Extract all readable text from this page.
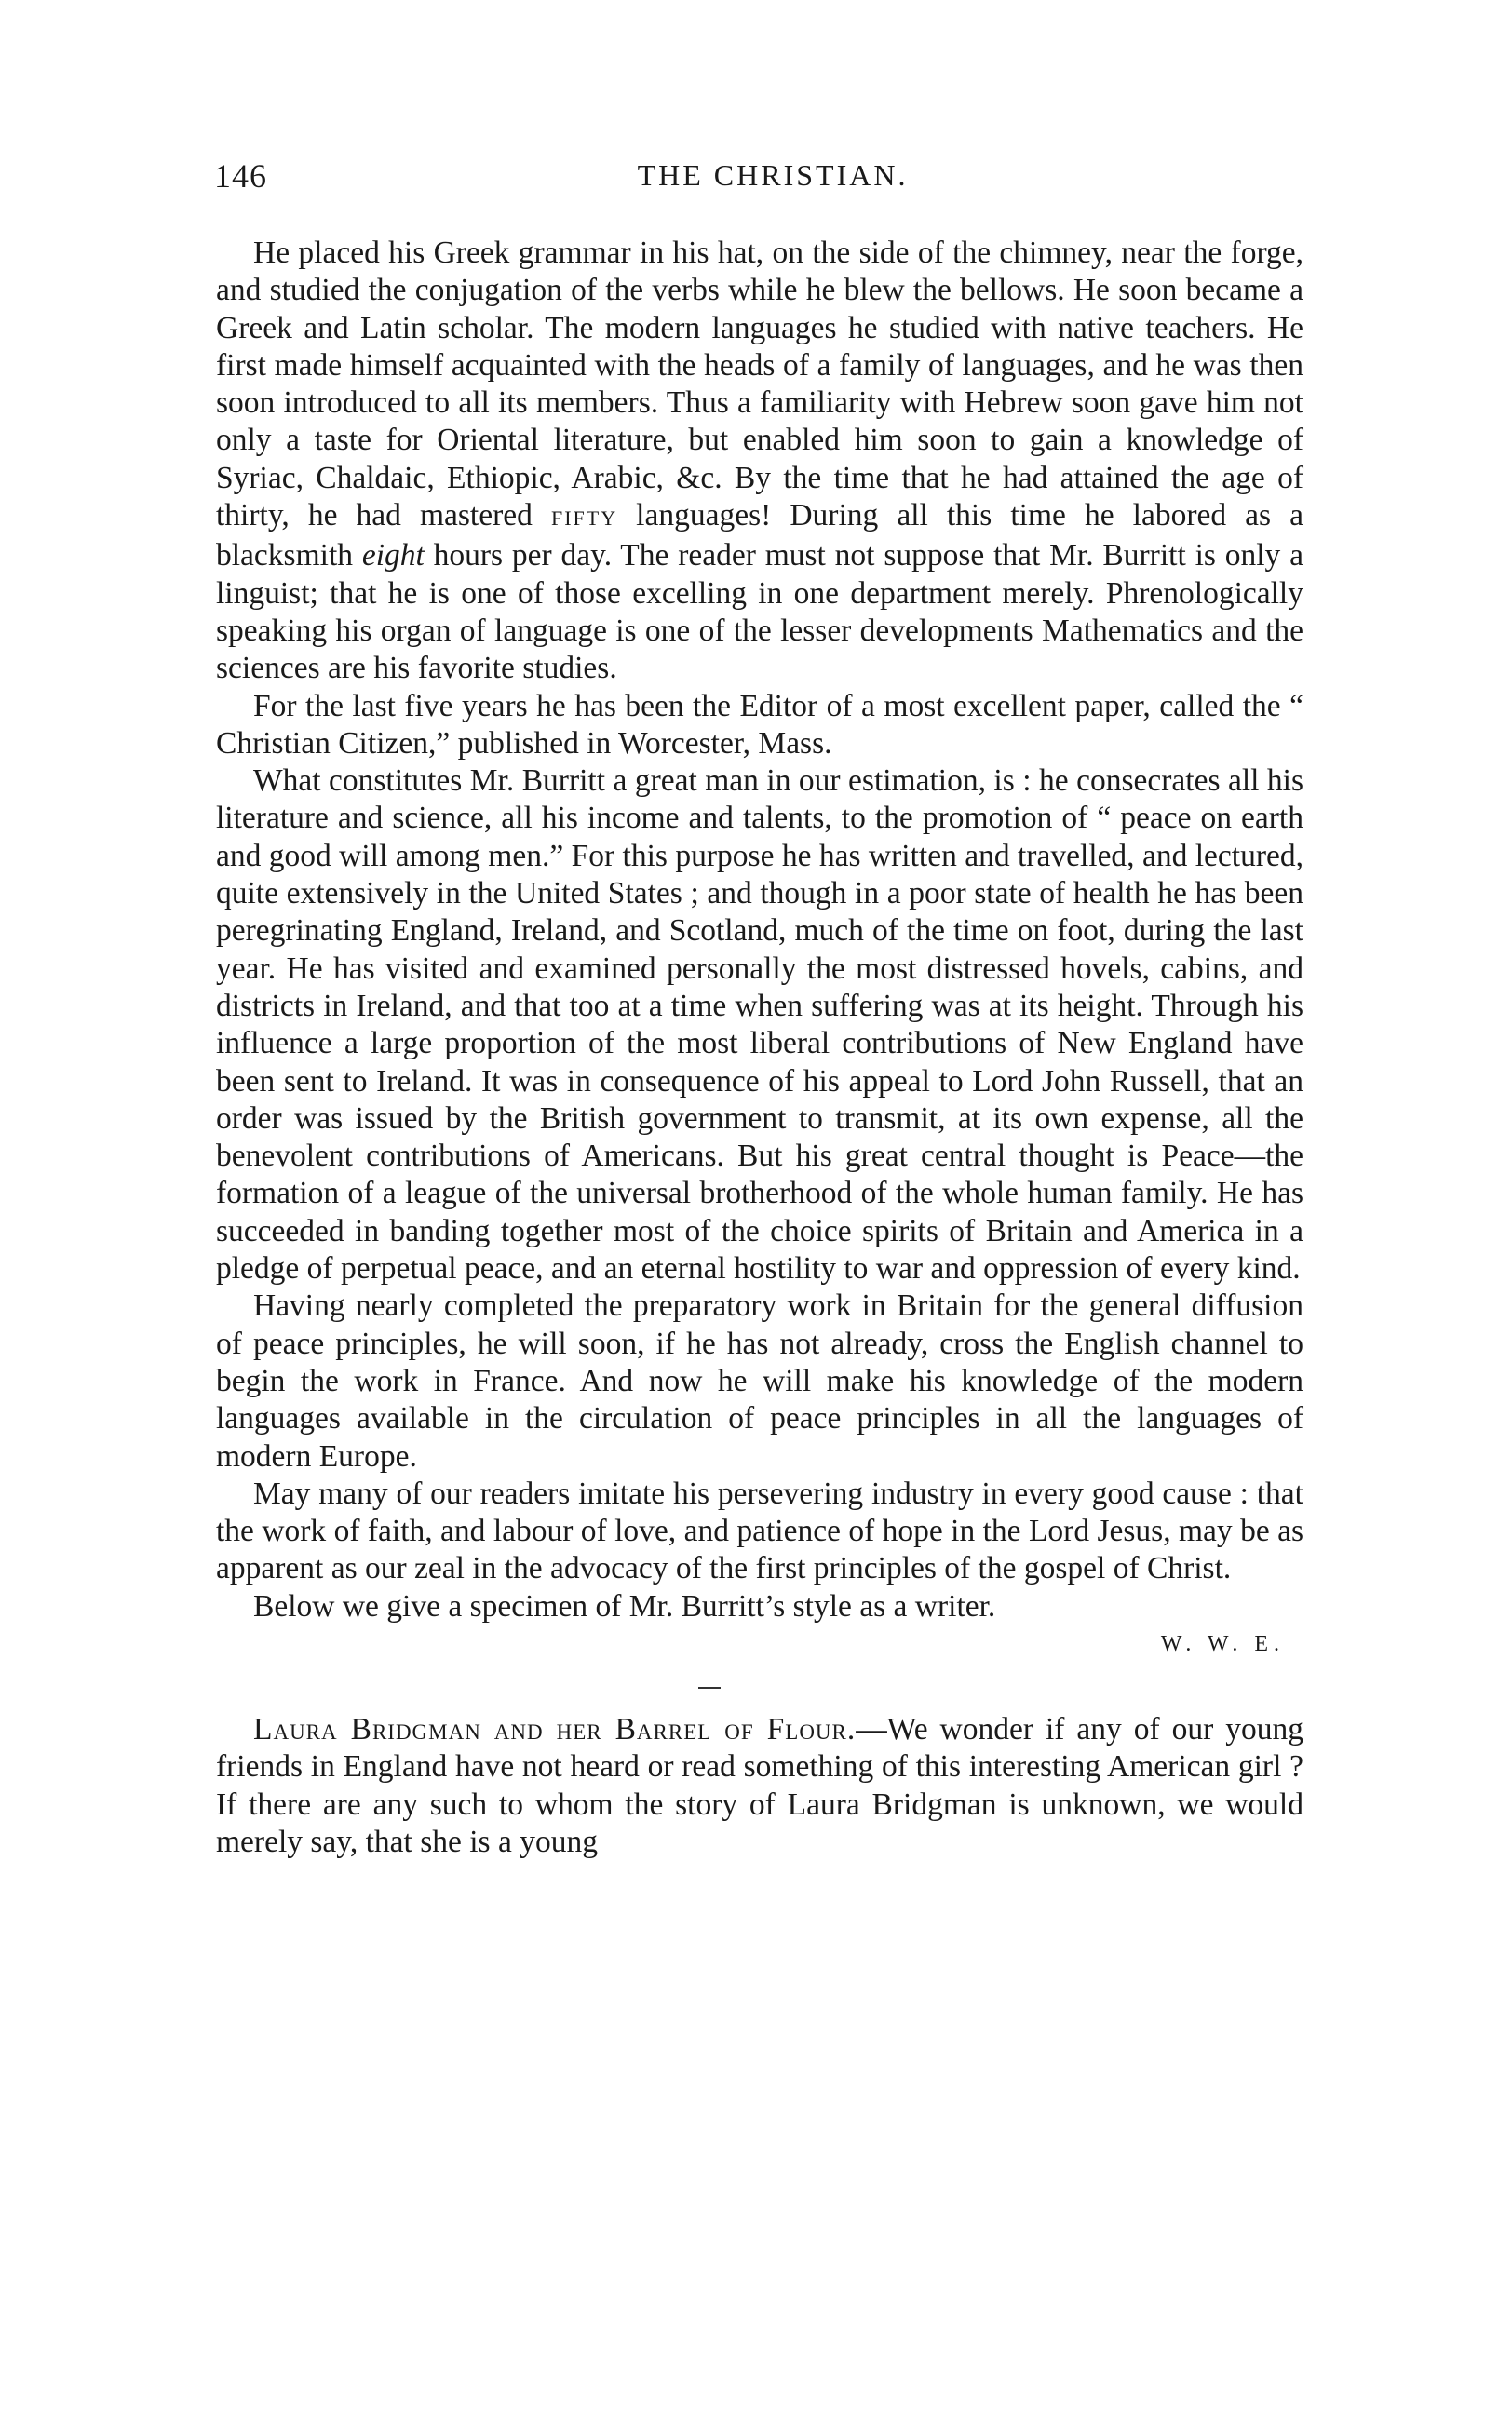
146	THE CHRISTIAN.

He placed his Greek grammar in his hat, on the side of the chimney, near the forge, and studied the conjugation of the verbs while he blew the bellows. He soon became a Greek and Latin scholar. The modern languages he studied with native teachers. He first made himself acquainted with the heads of a family of languages, and he was then soon introduced to all its members. Thus a familiarity with Hebrew soon gave him not only a taste for Oriental literature, but enabled him soon to gain a knowledge of Syriac, Chaldaic, Ethiopic, Arabic, &c. By the time that he had attained the age of thirty, he had mastered FIFTY languages! During all this time he labored as a blacksmith eight hours per day. The reader must not suppose that Mr. Burritt is only a linguist; that he is one of those excelling in one department merely. Phrenologically speaking his organ of language is one of the lesser developments Mathematics and the sciences are his favorite studies.

For the last five years he has been the Editor of a most excellent paper, called the “ Christian Citizen,” published in Worcester, Mass.

What constitutes Mr. Burritt a great man in our estimation, is : he consecrates all his literature and science, all his income and talents, to the promotion of “ peace on earth and good will among men.” For this purpose he has written and travelled, and lectured, quite extensively in the United States ; and though in a poor state of health he has been peregrinating England, Ireland, and Scotland, much of the time on foot, during the last year. He has visited and examined personally the most distressed hovels, cabins, and districts in Ireland, and that too at a time when suffering was at its height. Through his influence a large proportion of the most liberal contributions of New England have been sent to Ireland. It was in consequence of his appeal to Lord John Russell, that an order was issued by the British government to transmit, at its own expense, all the benevolent contributions of Americans. But his great central thought is Peace—the formation of a league of the universal brotherhood of the whole human family. He has succeeded in banding together most of the choice spirits of Britain and America in a pledge of perpetual peace, and an eternal hostility to war and oppression of every kind.

Having nearly completed the preparatory work in Britain for the general diffusion of peace principles, he will soon, if he has not already, cross the English channel to begin the work in France. And now he will make his knowledge of the modern languages available in the circulation of peace principles in all the languages of modern Europe.

May many of our readers imitate his persevering industry in every good cause : that the work of faith, and labour of love, and patience of hope in the Lord Jesus, may be as apparent as our zeal in the advocacy of the first principles of the gospel of Christ.

Below we give a specimen of Mr. Burritt’s style as a writer.

W. W. E.

Laura Bridgman and her Barrel of Flour.—We wonder if any of our young friends in England have not heard or read something of this interesting American girl ? If there are any such to whom the story of Laura Bridgman is unknown, we would merely say, that she is a young
